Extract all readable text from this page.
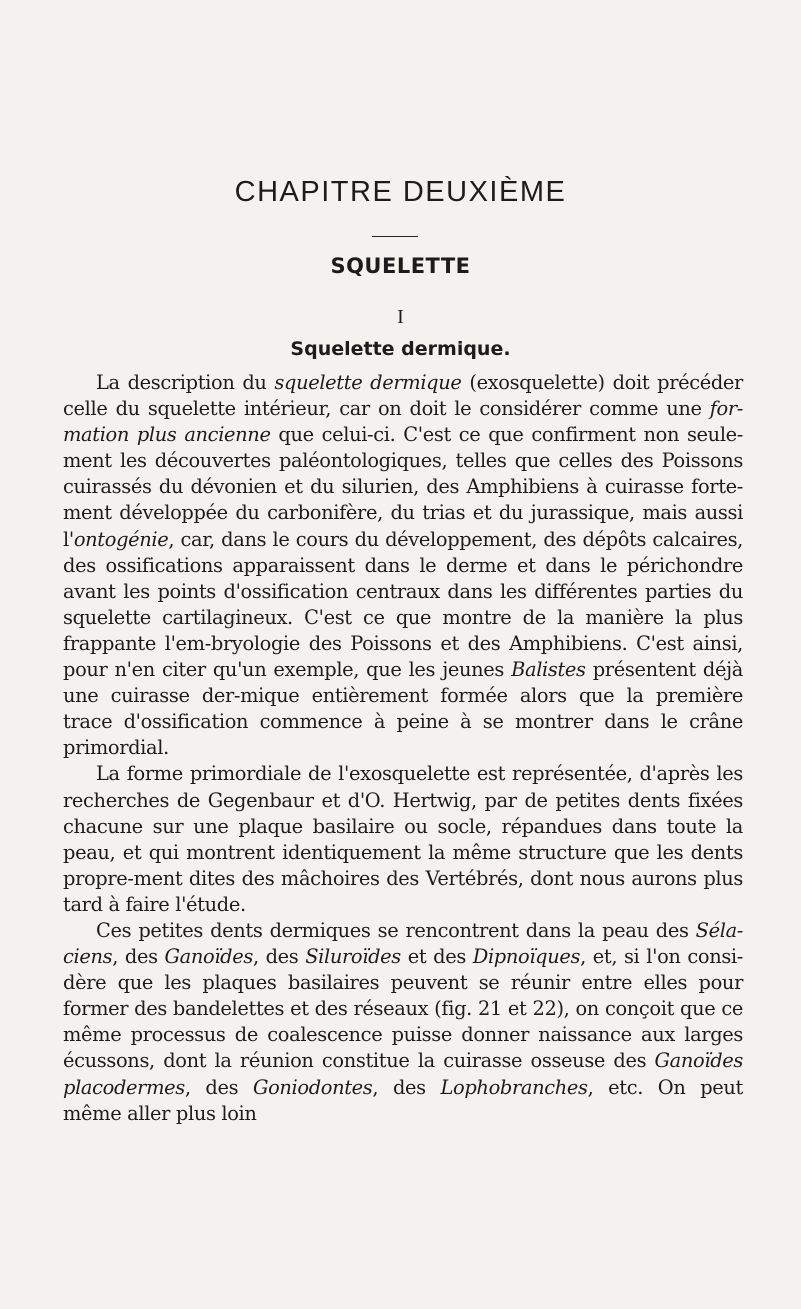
CHAPITRE DEUXIÈME
SQUELETTE
I
Squelette dermique.

La description du squelette dermique (exosquelette) doit précéder celle du squelette intérieur, car on doit le considérer comme une for-mation plus ancienne que celui-ci. C'est ce que confirment non seule-ment les découvertes paléontologiques, telles que celles des Poissons cuirassés du dévonien et du silurien, des Amphibiens à cuirasse forte-ment développée du carbonifère, du trias et du jurassique, mais aussi l'ontogénie, car, dans le cours du développement, des dépôts calcaires, des ossifications apparaissent dans le derme et dans le périchondre avant les points d'ossification centraux dans les différentes parties du squelette cartilagineux. C'est ce que montre de la manière la plus frappante l'em-bryologie des Poissons et des Amphibiens. C'est ainsi, pour n'en citer qu'un exemple, que les jeunes Balistes présentent déjà une cuirasse der-mique entièrement formée alors que la première trace d'ossification commence à peine à se montrer dans le crâne primordial.

La forme primordiale de l'exosquelette est représentée, d'après les recherches de Gegenbaur et d'O. Hertwig, par de petites dents fixées chacune sur une plaque basilaire ou socle, répandues dans toute la peau, et qui montrent identiquement la même structure que les dents propre-ment dites des mâchoires des Vertébrés, dont nous aurons plus tard à faire l'étude.

Ces petites dents dermiques se rencontrent dans la peau des Séla-ciens, des Ganoïdes, des Siluroïdes et des Dipnoïques, et, si l'on consi-dère que les plaques basilaires peuvent se réunir entre elles pour former des bandelettes et des réseaux (fig. 21 et 22), on conçoit que ce même processus de coalescence puisse donner naissance aux larges écussons, dont la réunion constitue la cuirasse osseuse des Ganoïdes placodermes, des Goniodontes, des Lophobranches, etc. On peut même aller plus loin
